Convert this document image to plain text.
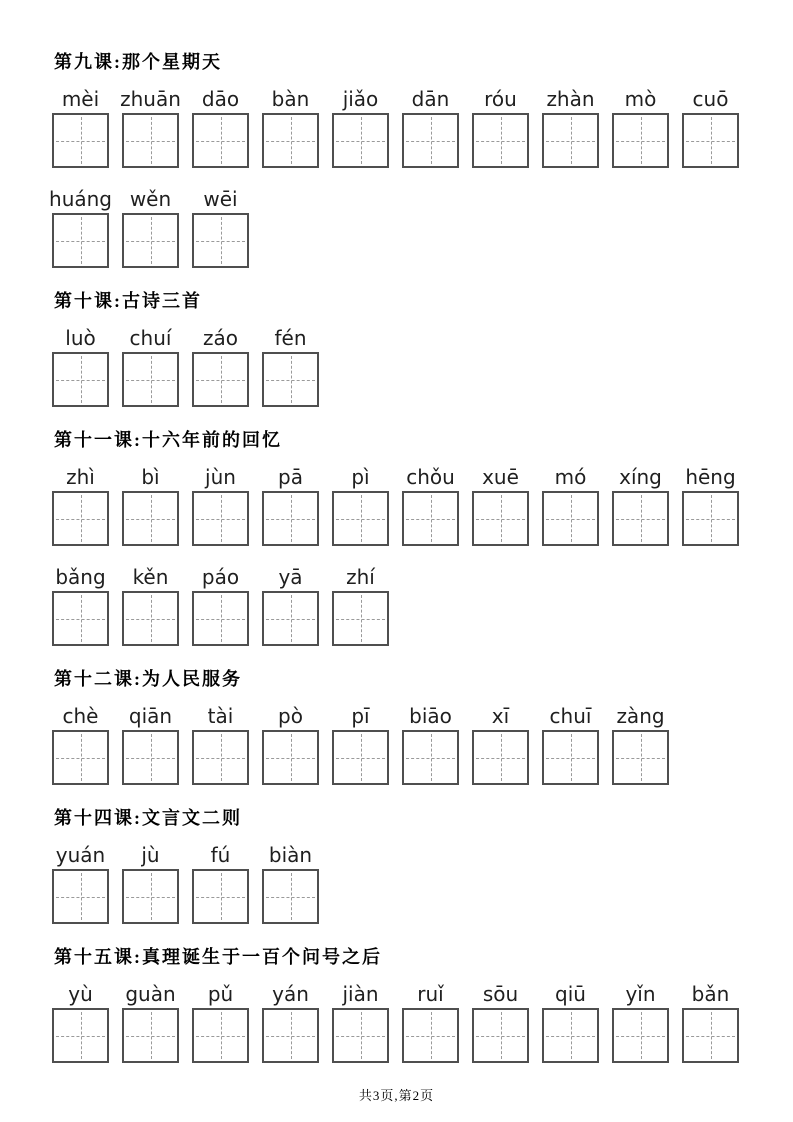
第九课:那个星期天
mèi	zhuān	dāo	bàn	jiǎo	dān	róu	zhàn	mò	cuō
huáng wěn	wēi
第十课:古诗三首
luò	chuí	záo	fén
第十一课:十六年前的回忆
zhì	bì	jùn	pā	pì	chǒu	xuē	mó	xíng	hēng
bǎng	kěn	páo	yā	zhí
第十二课:为人民服务
chè	qiān	tài	pò	pī	biāo	xī	chuī	zàng
第十四课:文言文二则
yuán	jù	fú	biàn
第十五课:真理诞生于一百个问号之后
yù	guàn	pǔ	yán	jiàn	ruǐ	sōu	qiū	yǐn	bǎn
共3页,第2页
